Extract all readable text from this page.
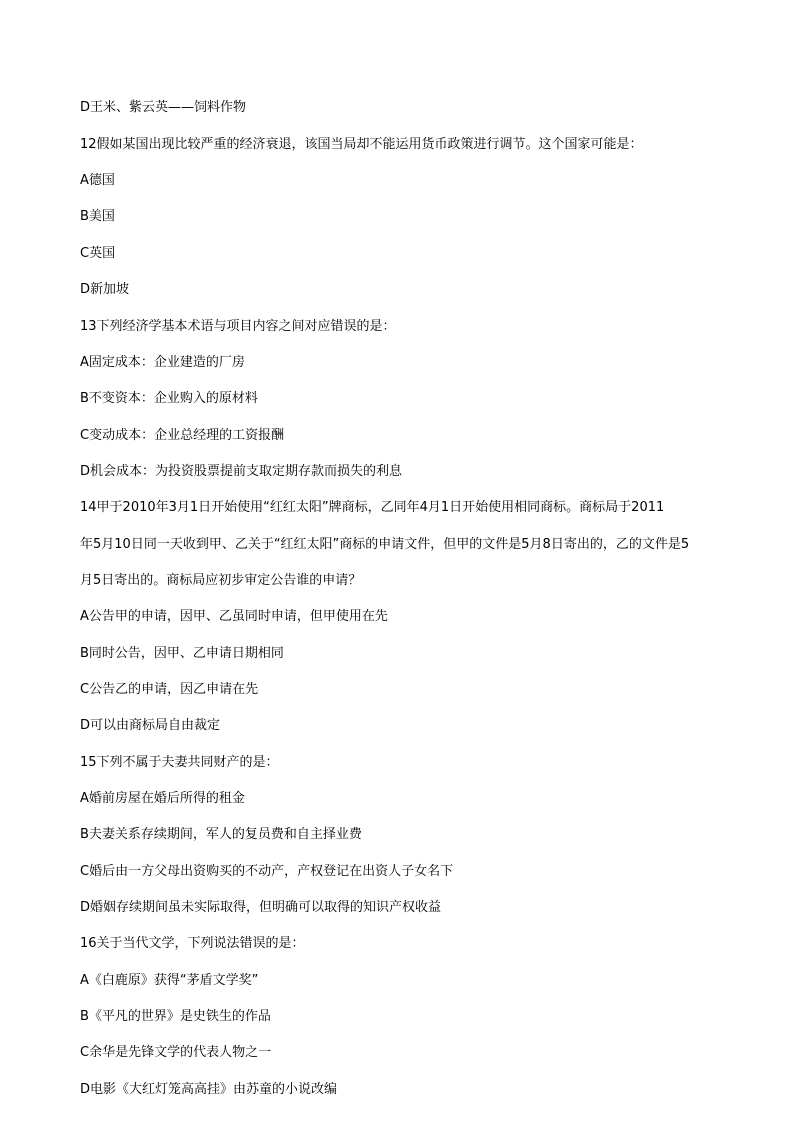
D王米、紫云英——饲料作物
12假如某国出现比较严重的经济衰退，该国当局却不能运用货币政策进行调节。这个国家可能是：
A德国
B美国
C英国
D新加坡
13下列经济学基本术语与项目内容之间对应错误的是：
A固定成本：企业建造的厂房
B不变资本：企业购入的原材料
C变动成本：企业总经理的工资报酬
D机会成本：为投资股票提前支取定期存款而损失的利息
14甲于2010年3月1日开始使用“红红太阳”牌商标，乙同年4月1日开始使用相同商标。商标局于2011
年5月10日同一天收到甲、乙关于“红红太阳”商标的申请文件，但甲的文件是5月8日寄出的，乙的文件是5
月5日寄出的。商标局应初步审定公告谁的申请？
A公告甲的申请，因甲、乙虽同时申请，但甲使用在先
B同时公告，因甲、乙申请日期相同
C公告乙的申请，因乙申请在先
D可以由商标局自由裁定
15下列不属于夫妻共同财产的是：
A婚前房屋在婚后所得的租金
B夫妻关系存续期间，军人的复员费和自主择业费
C婚后由一方父母出资购买的不动产，产权登记在出资人子女名下
D婚姻存续期间虽未实际取得，但明确可以取得的知识产权收益
16关于当代文学，下列说法错误的是：
A《白鹿原》获得“茅盾文学奖”
B《平凡的世界》是史铁生的作品
C余华是先锋文学的代表人物之一
D电影《大红灯笼高高挂》由苏童的小说改编
